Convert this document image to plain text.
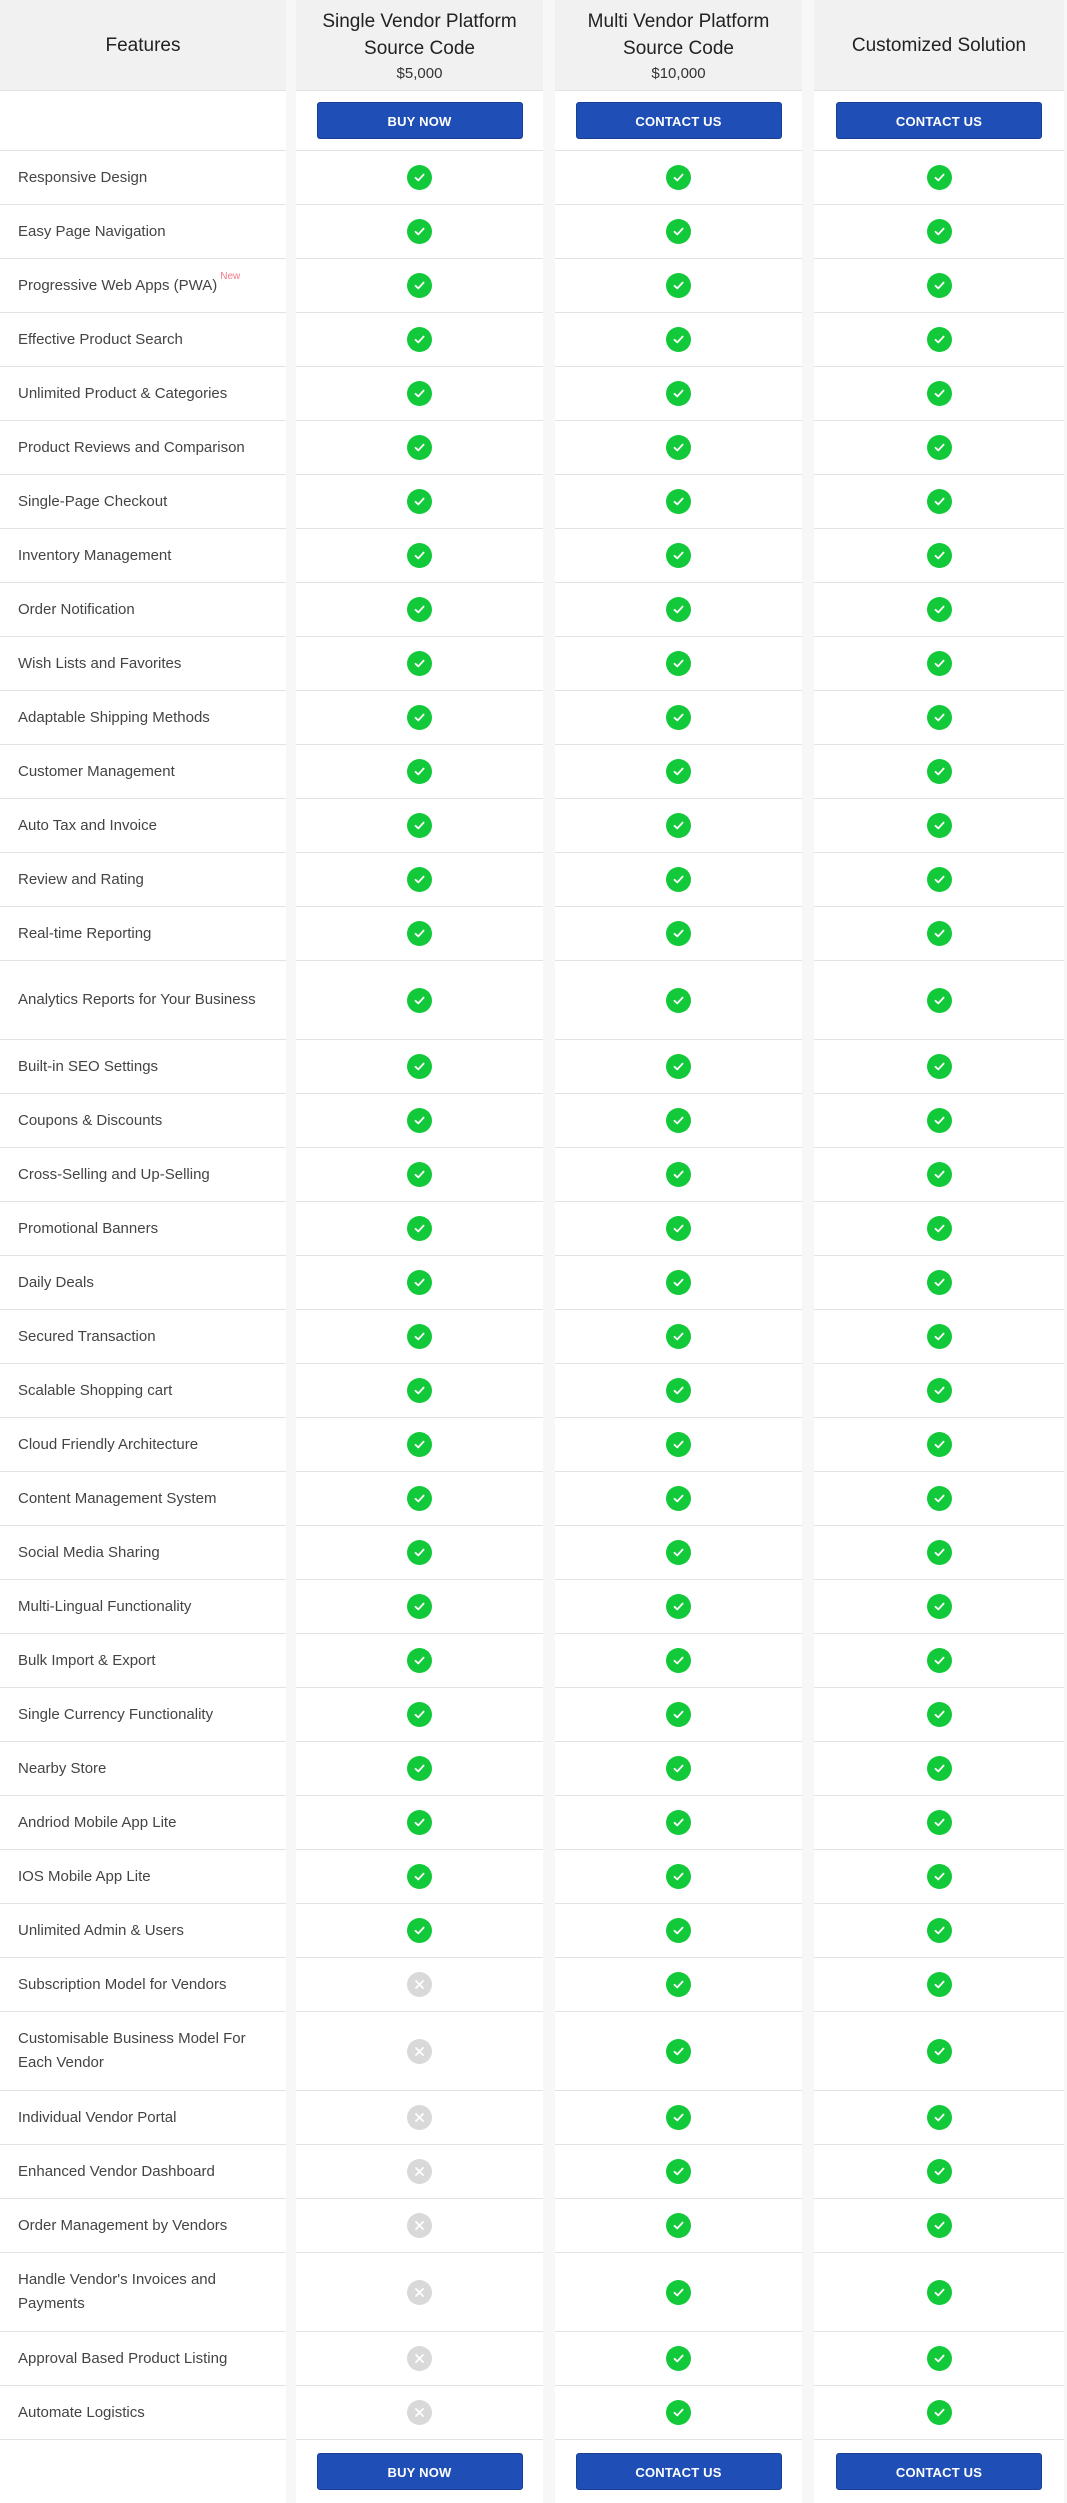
Features
Responsive Design
Easy Page Navigation
Progressive Web Apps (PWA)
New
Effective Product Search
Unlimited Product & Categories
Product Reviews and Comparison
Single-Page Checkout
Inventory Management
Order Notification
Wish Lists and Favorites
Adaptable Shipping Methods
Customer Management
Auto Tax and Invoice
Review and Rating
Real-time Reporting
Analytics Reports for Your Business
Built-in SEO Settings
Coupons & Discounts
Cross-Selling and Up-Selling
Promotional Banners
Daily Deals
Secured Transaction
Scalable Shopping cart
Cloud Friendly Architecture
Content Management System
Social Media Sharing
Multi-Lingual Functionality
Bulk Import & Export
Single Currency Functionality
Nearby Store
Andriod Mobile App Lite
IOS Mobile App Lite
Unlimited Admin & Users
Subscription Model for Vendors
Customisable Business Model For Each Vendor
Individual Vendor Portal
Enhanced Vendor Dashboard
Order Management by Vendors
Handle Vendor's Invoices and Payments
Approval Based Product Listing
Automate Logistics
Single Vendor Platform Source Code
$5,000
BUY NOW
BUY NOW
Multi Vendor Platform Source Code
$10,000
CONTACT US
CONTACT US
Customized Solution
CONTACT US
CONTACT US
